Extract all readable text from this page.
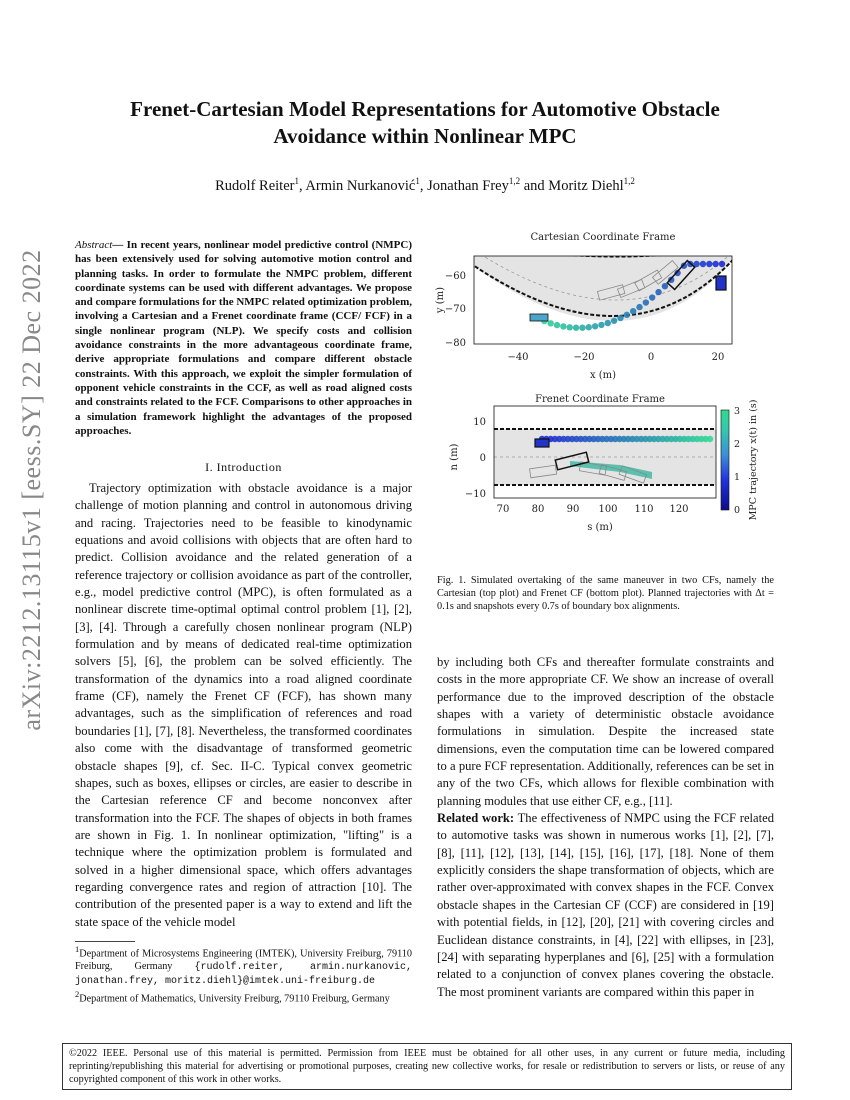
arXiv:2212.13115v1 [eess.SY] 22 Dec 2022
Frenet-Cartesian Model Representations for Automotive Obstacle Avoidance within Nonlinear MPC
Rudolf Reiter$^1$, Armin Nurkanović$^1$, Jonathan Frey$^{1,2}$ and Moritz Diehl$^{1,2}$
Abstract— In recent years, nonlinear model predictive control (NMPC) has been extensively used for solving automotive motion control and planning tasks. In order to formulate the NMPC problem, different coordinate systems can be used with different advantages. We propose and compare formulations for the NMPC related optimization problem, involving a Cartesian and a Frenet coordinate frame (CCF/ FCF) in a single nonlinear program (NLP). We specify costs and collision avoidance constraints in the more advantageous coordinate frame, derive appropriate formulations and compare different obstacle constraints. With this approach, we exploit the simpler formulation of opponent vehicle constraints in the CCF, as well as road aligned costs and constraints related to the FCF. Comparisons to other approaches in a simulation framework highlight the advantages of the proposed approaches.
I. Introduction

Trajectory optimization with obstacle avoidance is a major challenge of motion planning and control in autonomous driving and racing. Trajectories need to be feasible to kinodynamic equations and avoid collisions with objects that are often hard to predict. Collision avoidance and the related generation of a reference trajectory or collision avoidance as part of the controller, e.g., model predictive control (MPC), is often formulated as a nonlinear discrete time-optimal optimal control problem [1], [2], [3], [4]. Through a carefully chosen nonlinear program (NLP) formulation and by means of dedicated real-time optimization solvers [5], [6], the problem can be solved efficiently. The transformation of the dynamics into a road aligned coordinate frame (CF), namely the Frenet CF (FCF), has shown many advantages, such as the simplification of references and road boundaries [1], [7], [8]. Nevertheless, the transformed coordinates also come with the disadvantage of transformed geometric obstacle shapes [9], cf. Sec. II-C. Typical convex geometric shapes, such as boxes, ellipses or circles, are easier to describe in the Cartesian reference CF and become nonconvex after transformation into the FCF. The shapes of objects in both frames are shown in Fig. 1. In nonlinear optimization, "lifting" is a technique where the optimization problem is formulated and solved in a higher dimensional space, which offers advantages regarding convergence rates and region of attraction [10]. The contribution of the presented paper is a way to extend and lift the state space of the vehicle model

$^1$Department of Microsystems Engineering (IMTEK), University Freiburg, 79110 Freiburg, Germany {rudolf.reiter, armin.nurkanovic, jonathan.frey, moritz.diehl}@imtek.uni-freiburg.de
$^2$Department of Mathematics, University Freiburg, 79110 Freiburg, Germany
Cartesian Coordinate Frame
−60
−70
−80
−40	−20	0	20
x (m)
y (m)
Frenet Coordinate Frame
10
0
−10
70 80 90 100 110 120
s (m)
n (m)
3
2
1
0 MPC trajectory x(t) in (s)
Fig. 1. Simulated overtaking of the same maneuver in two CFs, namely the Cartesian (top plot) and Frenet CF (bottom plot). Planned trajectories with Δt = 0.1s and snapshots every 0.7s of boundary box alignments.

by including both CFs and thereafter formulate constraints and costs in the more appropriate CF. We show an increase of overall performance due to the improved description of the obstacle shapes with a variety of deterministic obstacle avoidance formulations in simulation. Despite the increased state dimensions, even the computation time can be lowered compared to a pure FCF representation. Additionally, references can be set in any of the two CFs, which allows for flexible combination with planning modules that use either CF, e.g., [11].

Related work: The effectiveness of NMPC using the FCF related to automotive tasks was shown in numerous works [1], [2], [7], [8], [11], [12], [13], [14], [15], [16], [17], [18]. None of them explicitly considers the shape transformation of objects, which are rather over-approximated with convex shapes in the FCF. Convex obstacle shapes in the Cartesian CF (CCF) are considered in [19] with potential fields, in [12], [20], [21] with covering circles and Euclidean distance constraints, in [4], [22] with ellipses, in [23], [24] with separating hyperplanes and [6], [25] with a formulation related to a conjunction of convex planes covering the obstacle. The most prominent variants are compared within this paper in

©2022 IEEE. Personal use of this material is permitted. Permission from IEEE must be obtained for all other uses, in any current or future media, including reprinting/republishing this material for advertising or promotional purposes, creating new collective works, for resale or redistribution to servers or lists, or reuse of any copyrighted component of this work in other works.
